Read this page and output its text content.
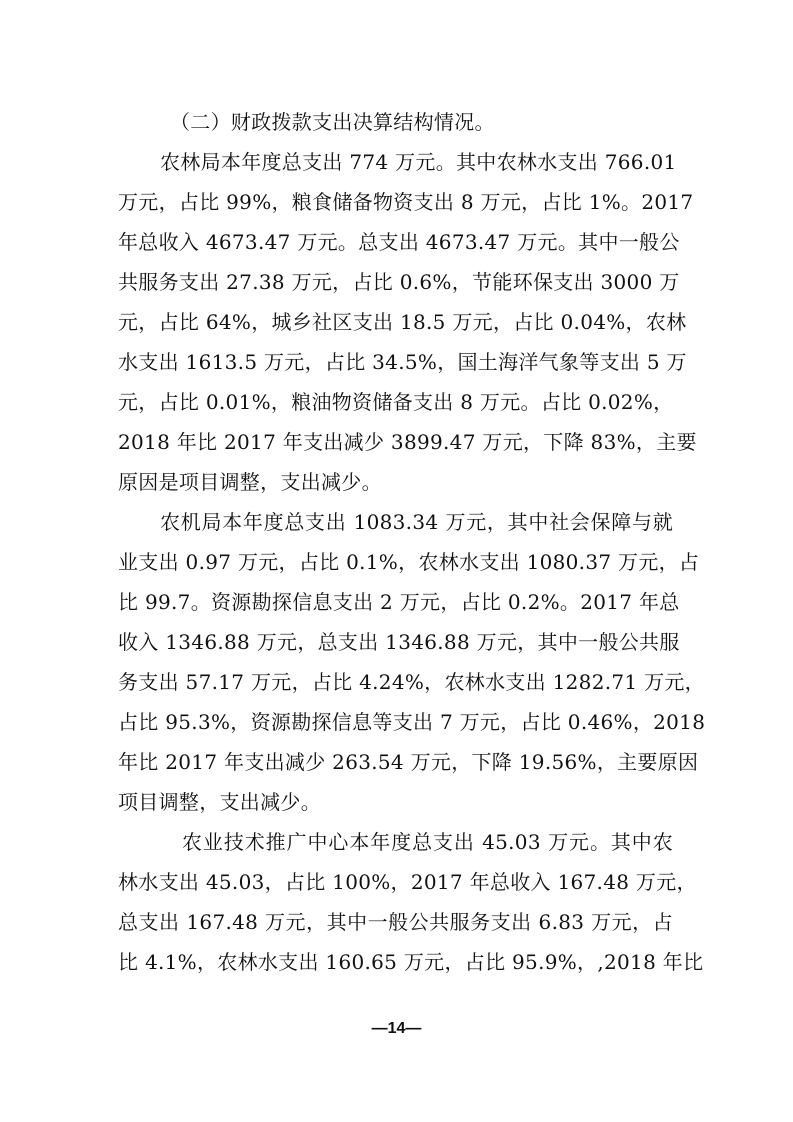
（二）财政拨款支出决算结构情况。
农林局本年度总支出 774 万元。其中农林水支出 766.01
万元，占比 99%，粮食储备物资支出 8 万元，占比 1%。2017
年总收入 4673.47 万元。总支出 4673.47 万元。其中一般公
共服务支出 27.38 万元，占比 0.6%，节能环保支出 3000 万
元，占比 64%，城乡社区支出 18.5 万元，占比 0.04%，农林
水支出 1613.5 万元，占比 34.5%，国土海洋气象等支出 5 万
元，占比 0.01%，粮油物资储备支出 8 万元。占比 0.02%，
2018 年比 2017 年支出减少 3899.47 万元，下降 83%，主要
原因是项目调整，支出减少。
农机局本年度总支出 1083.34 万元，其中社会保障与就
业支出 0.97 万元，占比 0.1%，农林水支出 1080.37 万元，占
比 99.7。资源勘探信息支出 2 万元，占比 0.2%。2017 年总
收入 1346.88 万元，总支出 1346.88 万元，其中一般公共服
务支出 57.17 万元，占比 4.24%，农林水支出 1282.71 万元，
占比 95.3%，资源勘探信息等支出 7 万元，占比 0.46%，2018
年比 2017 年支出减少 263.54 万元，下降 19.56%，主要原因
项目调整，支出减少。
农业技术推广中心本年度总支出 45.03 万元。其中农
林水支出 45.03，占比 100%，2017 年总收入 167.48 万元，
总支出 167.48 万元，其中一般公共服务支出 6.83 万元，占
比 4.1%，农林水支出 160.65 万元，占比 95.9%，,2018 年比
—14—
